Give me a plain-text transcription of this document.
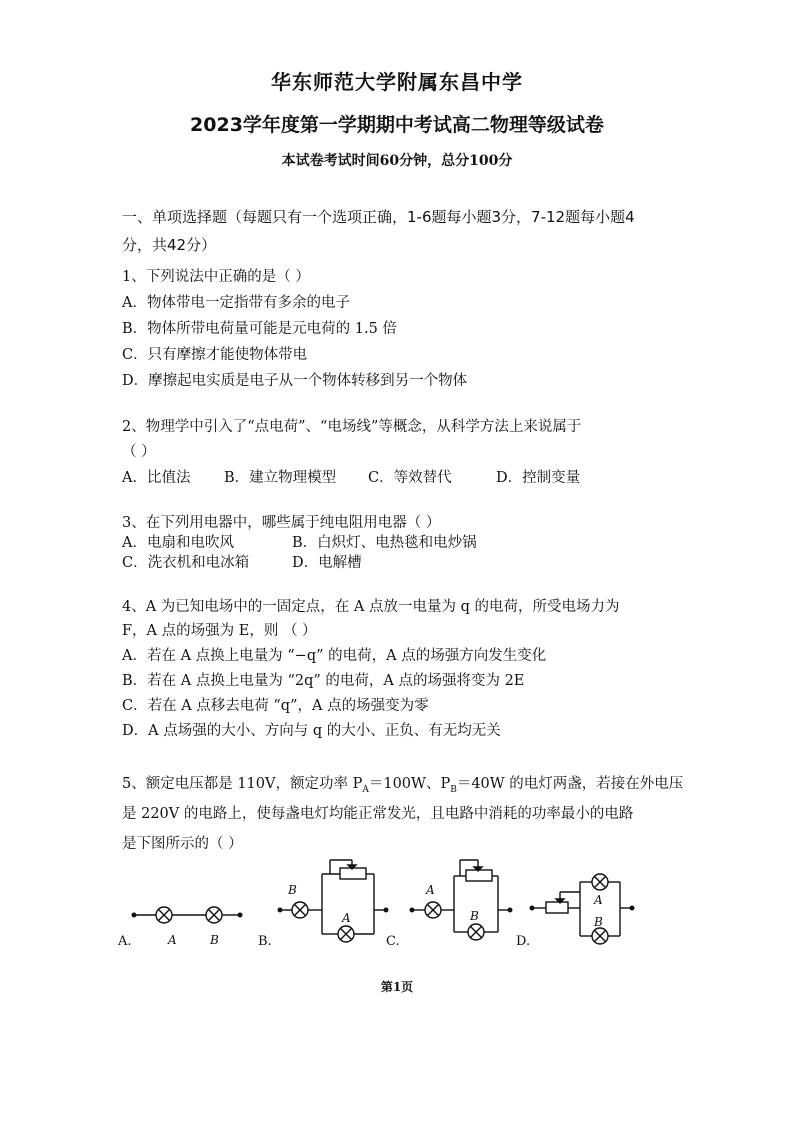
华东师范大学附属东昌中学
2023学年度第一学期期中考试高二物理等级试卷
本试卷考试时间60分钟，总分100分
一、单项选择题（每题只有一个选项正确，1-6题每小题3分，7-12题每小题4
分，共42分）
1、下列说法中正确的是（ ）
A．物体带电一定指带有多余的电子
B．物体所带电荷量可能是元电荷的 1.5 倍
C．只有摩擦才能使物体带电
D．摩擦起电实质是电子从一个物体转移到另一个物体
2、物理学中引入了“点电荷”、“电场线”等概念，从科学方法上来说属于
（ ）
A．比值法 B．建立物理模型 C．等效替代	D．控制变量
3、在下列用电器中，哪些属于纯电阻用电器（ ）
A．电扇和电吹风	B．白炽灯、电热毯和电炒锅
C．洗衣机和电冰箱	D．电解槽
4、A 为已知电场中的一固定点，在 A 点放一电量为 q 的电荷，所受电场力为
F，A 点的场强为 E，则 （ ）
A．若在 A 点换上电量为 “−q” 的电荷，A 点的场强方向发生变化
B．若在 A 点换上电量为 “2q” 的电荷，A 点的场强将变为 2E
C．若在 A 点移去电荷 “q”，A 点的场强变为零
D．A 点场强的大小、方向与 q 的大小、正负、有无均无关
5、额定电压都是 110V，额定功率 $P_A=100W$、$P_B=40W$ 的电灯两盏，若接在外电压
是 220V 的电路上，使每盏电灯均能正常发光，且电路中消耗的功率最小的电路
是下图所示的（ ）
A	B
A.
B
A
B.
A
B
C.
A
B
D.
第1页
